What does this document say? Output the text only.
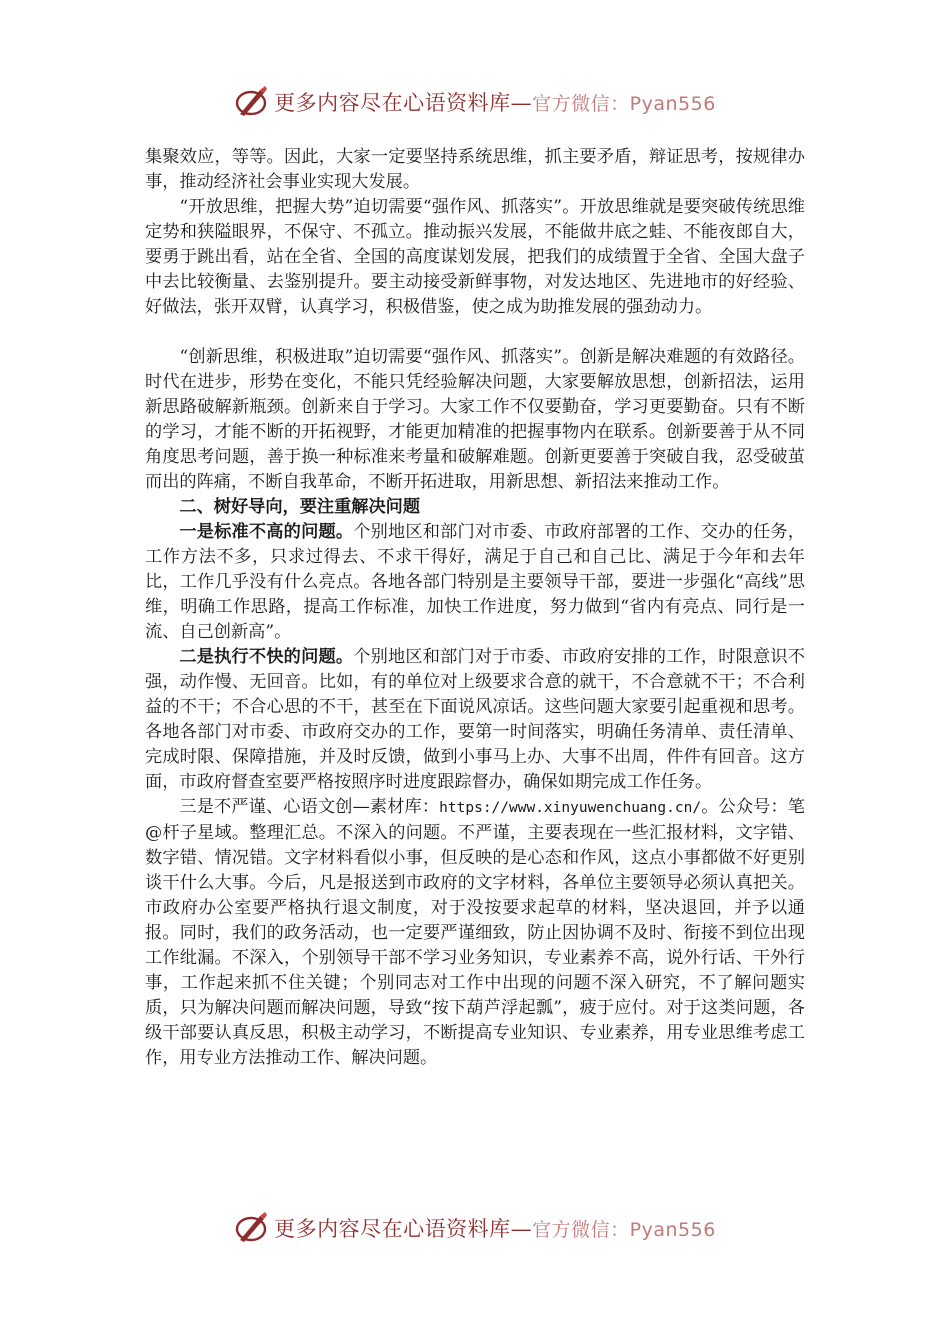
更多内容尽在心语资料库—官方微信：Pyan556

集聚效应，等等。因此，大家一定要坚持系统思维，抓主要矛盾，辩证思考，按规律办事，推动经济社会事业实现大发展。

“开放思维，把握大势”迫切需要“强作风、抓落实”。开放思维就是要突破传统思维定势和狭隘眼界，不保守、不孤立。推动振兴发展，不能做井底之蛙、不能夜郎自大，要勇于跳出看，站在全省、全国的高度谋划发展，把我们的成绩置于全省、全国大盘子中去比较衡量、去鉴别提升。要主动接受新鲜事物，对发达地区、先进地市的好经验、好做法，张开双臂，认真学习，积极借鉴，使之成为助推发展的强劲动力。

“创新思维，积极进取”迫切需要“强作风、抓落实”。创新是解决难题的有效路径。时代在进步，形势在变化，不能只凭经验解决问题，大家要解放思想，创新招法，运用新思路破解新瓶颈。创新来自于学习。大家工作不仅要勤奋，学习更要勤奋。只有不断的学习，才能不断的开拓视野，才能更加精准的把握事物内在联系。创新要善于从不同角度思考问题，善于换一种标准来考量和破解难题。创新更要善于突破自我，忍受破茧而出的阵痛，不断自我革命，不断开拓进取，用新思想、新招法来推动工作。

二、树好导向，要注重解决问题

一是标准不高的问题。个别地区和部门对市委、市政府部署的工作、交办的任务，工作方法不多，只求过得去、不求干得好，满足于自己和自己比、满足于今年和去年比，工作几乎没有什么亮点。各地各部门特别是主要领导干部，要进一步强化“高线”思维，明确工作思路，提高工作标准，加快工作进度，努力做到“省内有亮点、同行是一流、自己创新高”。

二是执行不快的问题。个别地区和部门对于市委、市政府安排的工作，时限意识不强，动作慢、无回音。比如，有的单位对上级要求合意的就干，不合意就不干；不合利益的不干；不合心思的不干，甚至在下面说风凉话。这些问题大家要引起重视和思考。各地各部门对市委、市政府交办的工作，要第一时间落实，明确任务清单、责任清单、完成时限、保障措施，并及时反馈，做到小事马上办、大事不出周，件件有回音。这方面，市政府督查室要严格按照序时进度跟踪督办，确保如期完成工作任务。

三是不严谨、心语文创—素材库：https://www.xinyuwenchuang.cn/。公众号：笔@杆子星域。整理汇总。不深入的问题。不严谨，主要表现在一些汇报材料，文字错、数字错、情况错。文字材料看似小事，但反映的是心态和作风，这点小事都做不好更别谈干什么大事。今后，凡是报送到市政府的文字材料，各单位主要领导必须认真把关。市政府办公室要严格执行退文制度，对于没按要求起草的材料，坚决退回，并予以通报。同时，我们的政务活动，也一定要严谨细致，防止因协调不及时、衔接不到位出现工作纰漏。不深入，个别领导干部不学习业务知识，专业素养不高，说外行话、干外行事，工作起来抓不住关键；个别同志对工作中出现的问题不深入研究，不了解问题实质，只为解决问题而解决问题，导致“按下葫芦浮起瓢”，疲于应付。对于这类问题，各级干部要认真反思，积极主动学习，不断提高专业知识、专业素养，用专业思维考虑工作，用专业方法推动工作、解决问题。

更多内容尽在心语资料库—官方微信：Pyan556
